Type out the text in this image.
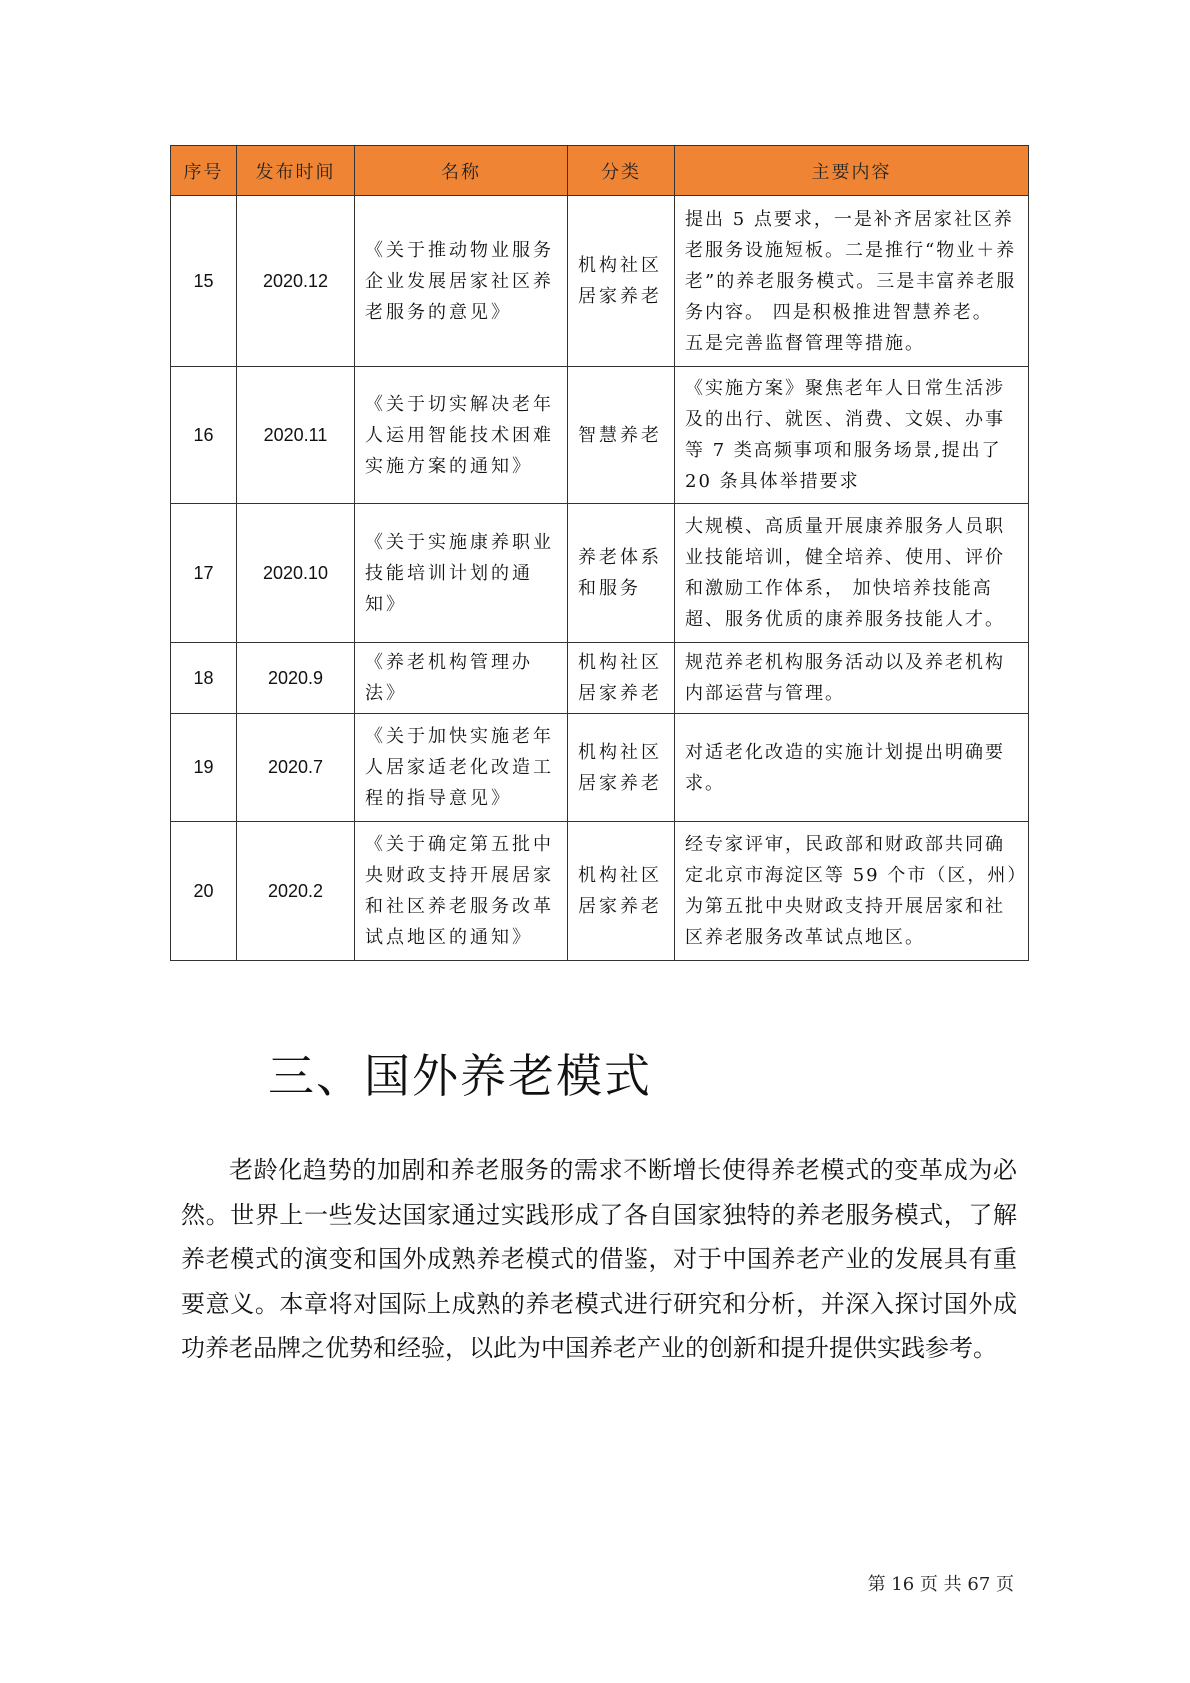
序号	发布时间	名称	分类	主要内容
15	2020.12	《关于推动物业服务企业发展居家社区养老服务的意见》	机构社区居家养老	提出 5 点要求，一是补齐居家社区养老服务设施短板。二是推行“物业＋养老”的养老服务模式。三是丰富养老服务内容。 四是积极推进智慧养老。 五是完善监督管理等措施。
16	2020.11	《关于切实解决老年人运用智能技术困难实施方案的通知》	智慧养老	《实施方案》聚焦老年人日常生活涉及的出行、就医、消费、文娱、办事等 7 类高频事项和服务场景,提出了 20 条具体举措要求
17	2020.10	《关于实施康养职业技能培训计划的通知》	养老体系和服务	大规模、高质量开展康养服务人员职业技能培训，健全培养、使用、评价和激励工作体系， 加快培养技能高超、服务优质的康养服务技能人才。
18	2020.9	《养老机构管理办法》	机构社区居家养老	规范养老机构服务活动以及养老机构内部运营与管理。
19	2020.7	《关于加快实施老年人居家适老化改造工程的指导意见》	机构社区居家养老	对适老化改造的实施计划提出明确要求。
20	2020.2	《关于确定第五批中央财政支持开展居家和社区养老服务改革试点地区的通知》	机构社区居家养老	经专家评审，民政部和财政部共同确定北京市海淀区等 59 个市（区，州）为第五批中央财政支持开展居家和社区养老服务改革试点地区。
三、国外养老模式

老龄化趋势的加剧和养老服务的需求不断增长使得养老模式的变革成为必然。世界上一些发达国家通过实践形成了各自国家独特的养老服务模式，了解养老模式的演变和国外成熟养老模式的借鉴，对于中国养老产业的发展具有重要意义。本章将对国际上成熟的养老模式进行研究和分析，并深入探讨国外成功养老品牌之优势和经验，以此为中国养老产业的创新和提升提供实践参考。

第 16 页 共 67 页
